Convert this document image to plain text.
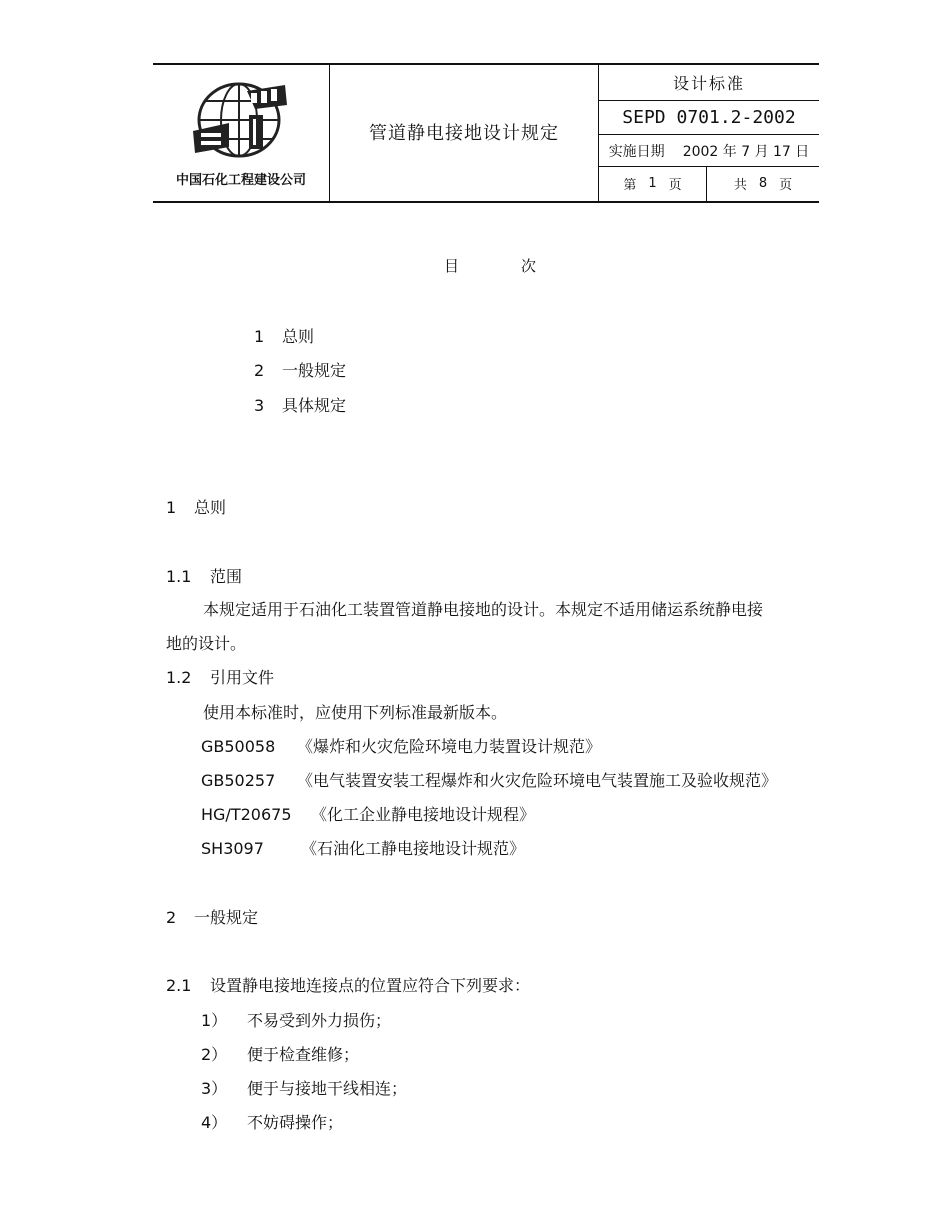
中国石化工程建设公司
管道静电接地设计规定
设计标准
SEPD 0701.2-2002
实施日期 2002 年 7 月 17 日
第 1 页	共 8 页
目	次
1 总则
2 一般规定
3 具体规定
1 总则
1.1 范围
本规定适用于石油化工装置管道静电接地的设计。本规定不适用储运系统静电接
地的设计。
1.2 引用文件
使用本标准时，应使用下列标准最新版本。
GB50058 《爆炸和火灾危险环境电力装置设计规范》
GB50257 《电气装置安装工程爆炸和火灾危险环境电气装置施工及验收规范》
HG/T20675 《化工企业静电接地设计规程》
SH3097 《石油化工静电接地设计规范》
2 一般规定
2.1 设置静电接地连接点的位置应符合下列要求：
1） 不易受到外力损伤；
2） 便于检查维修；
3） 便于与接地干线相连；
4） 不妨碍操作；
